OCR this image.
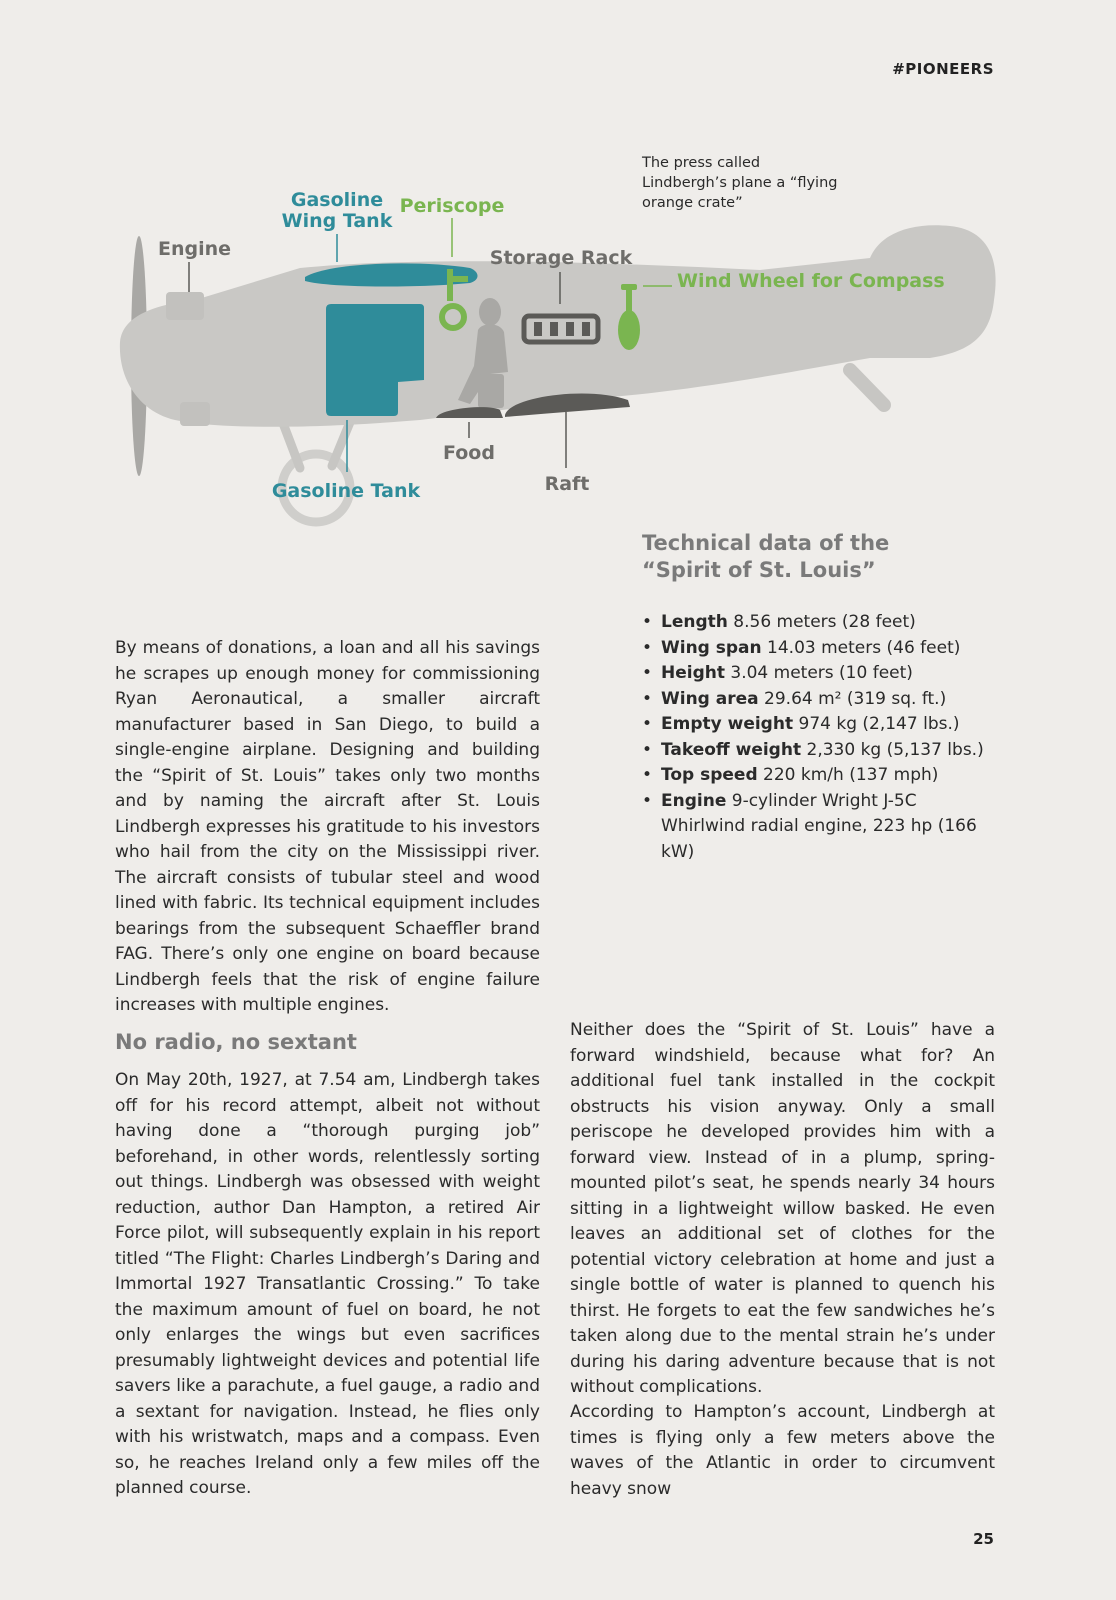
#PIONEERS
Engine
Gasoline
Wing Tank
Periscope
Storage Rack
Wind Wheel for Compass
Food
Raft
Gasoline Tank
The press called Lindbergh’s plane a “flying orange crate”
Technical data of the
“Spirit of St. Louis”
• Length 8.56 meters (28 feet)
• Wing span 14.03 meters (46 feet)
• Height 3.04 meters (10 feet)
• Wing area 29.64 m² (319 sq. ft.)
• Empty weight 974 kg (2,147 lbs.)
• Takeoff weight 2,330 kg (5,137 lbs.)
• Top speed 220 km/h (137 mph)
• Engine 9-cylinder Wright J-5C Whirlwind radial engine, 223 hp (166 kW)

By means of donations, a loan and all his savings he scrapes up enough money for commissioning Ryan Aeronautical, a smaller aircraft manufacturer based in San Diego, to build a single-engine airplane. Designing and building the “Spirit of St. Louis” takes only two months and by naming the aircraft after St. Louis Lindbergh expresses his gratitude to his investors who hail from the city on the Mississippi river. The aircraft consists of tubular steel and wood lined with fabric. Its technical equipment includes bearings from the subsequent Schaeffler brand FAG. There’s only one engine on board because Lindbergh feels that the risk of engine failure increases with multiple engines.

No radio, no sextant

On May 20th, 1927, at 7.54 am, Lindbergh takes off for his record attempt, albeit not without having done a “thorough purging job” beforehand, in other words, relentlessly sorting out things. Lindbergh was obsessed with weight reduction, author Dan Hampton, a retired Air Force pilot, will subsequently explain in his report titled “The Flight: Charles Lindbergh’s Daring and Immortal 1927 Transatlantic Crossing.” To take the maximum amount of fuel on board, he not only enlarges the wings but even sacrifices presumably lightweight devices and potential life savers like a parachute, a fuel gauge, a radio and a sextant for navigation. Instead, he flies only with his wristwatch, maps and a compass. Even so, he reaches Ireland only a few miles off the planned course.

Neither does the “Spirit of St. Louis” have a forward windshield, because what for? An additional fuel tank installed in the cockpit obstructs his vision anyway. Only a small periscope he developed provides him with a forward view. Instead of in a plump, spring-mounted pilot’s seat, he spends nearly 34 hours sitting in a lightweight willow basked. He even leaves an additional set of clothes for the potential victory celebration at home and just a single bottle of water is planned to quench his thirst. He forgets to eat the few sandwiches he’s taken along due to the mental strain he’s under during his daring adventure because that is not without complications.

According to Hampton’s account, Lindbergh at times is flying only a few meters above the waves of the Atlantic in order to circumvent heavy snow

25
